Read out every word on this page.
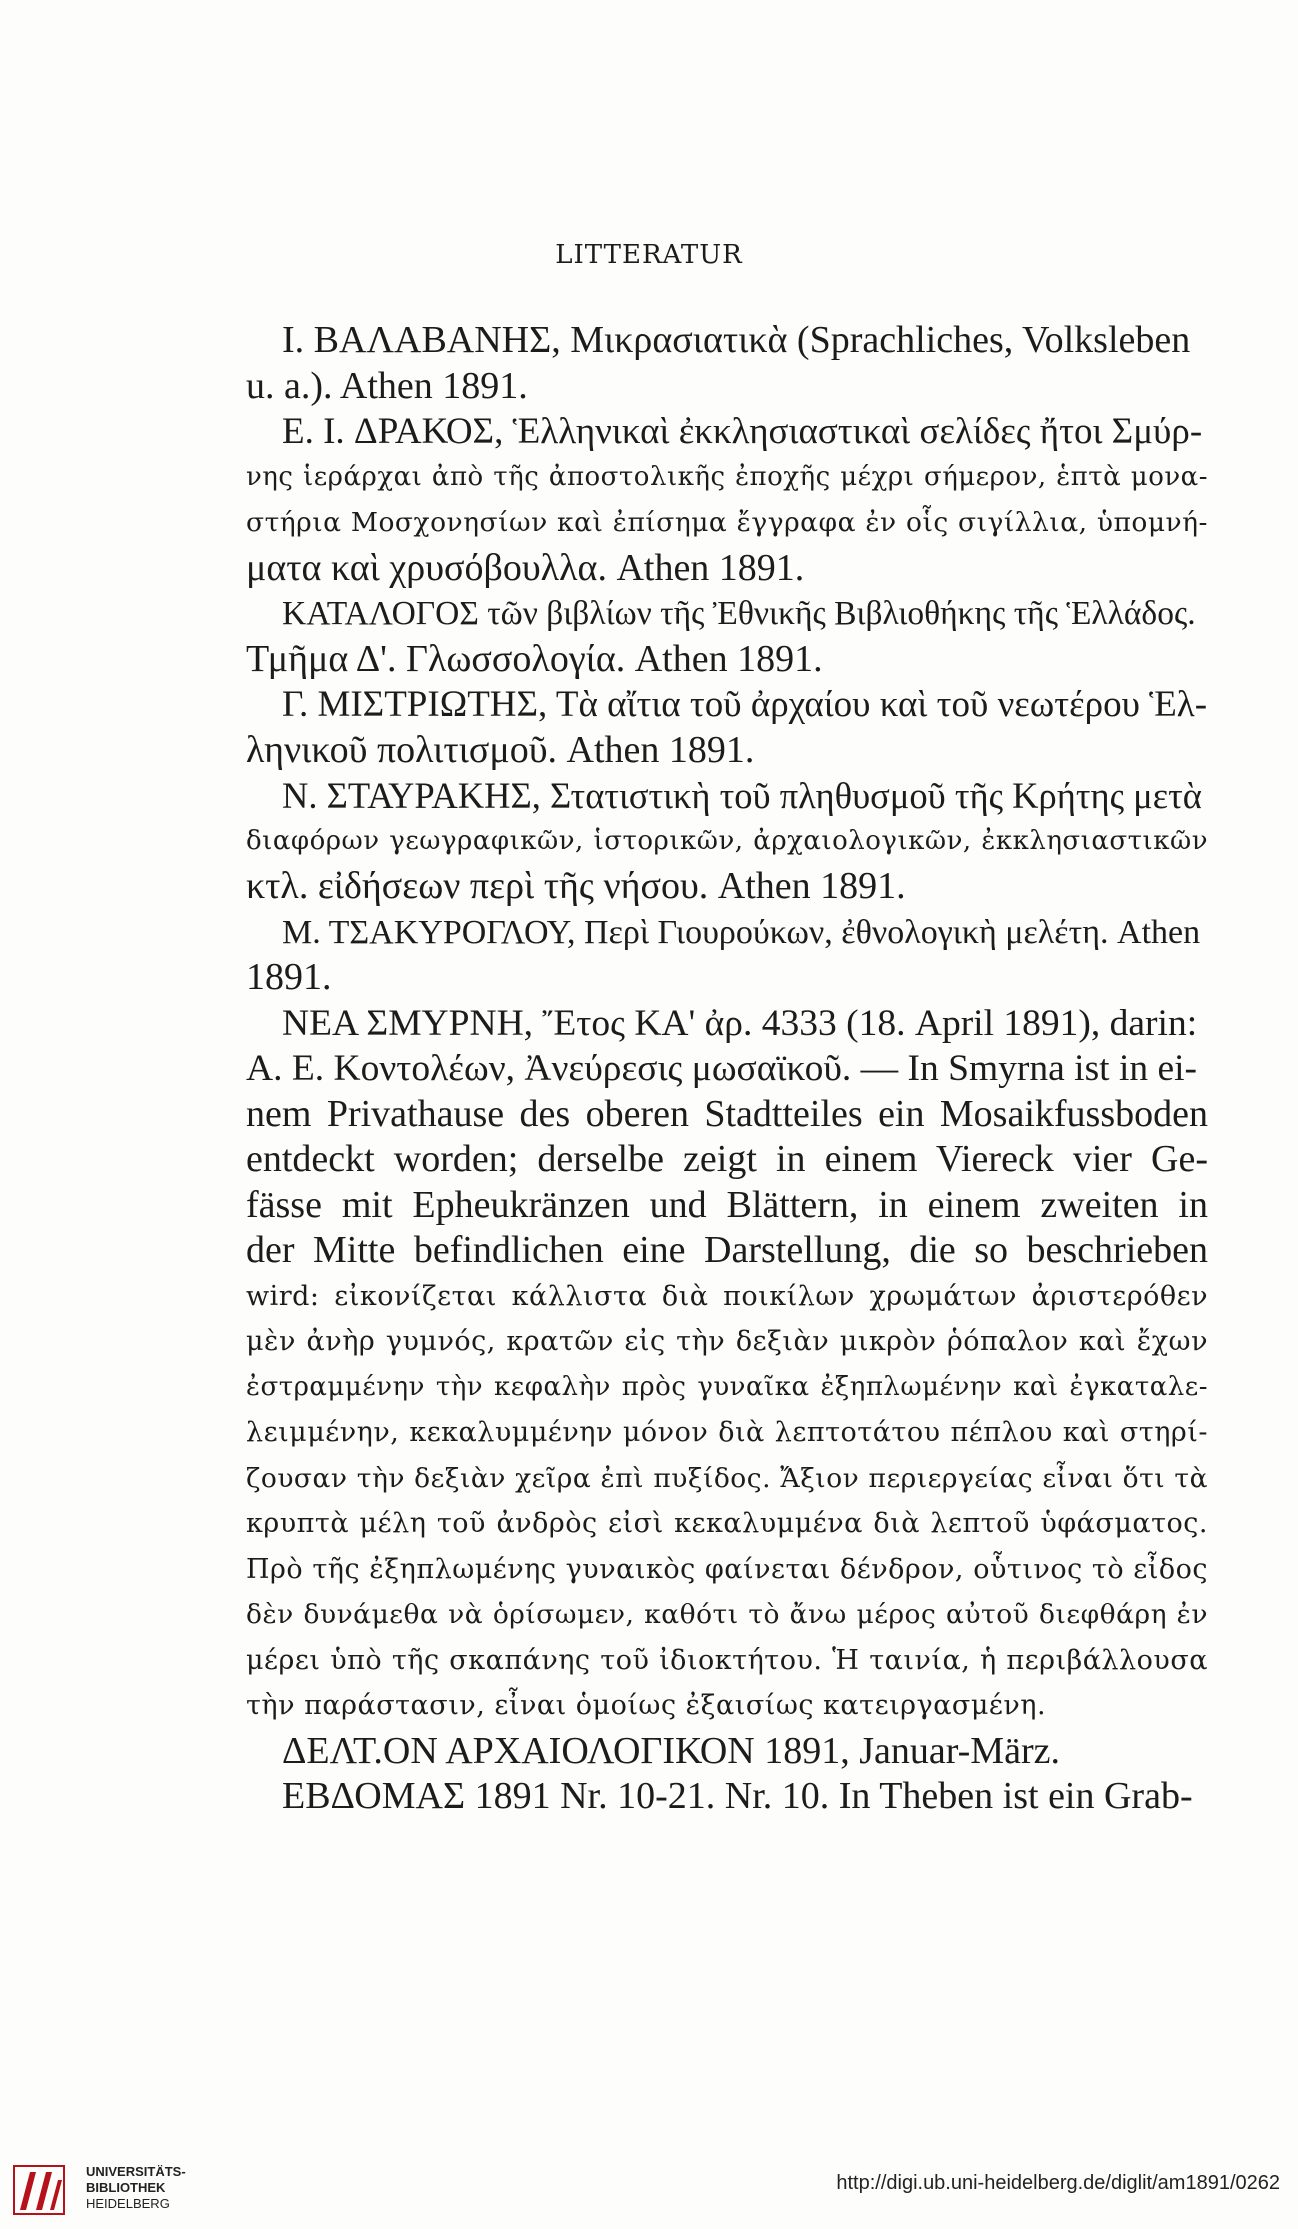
LITTERATUR
I. ΒΑΛΑΒΑΝΗΣ, Μικρασιατικὰ (Sprachliches, Volksleben
u. a.). Athen 1891.
E. I. ΔΡΑΚΟΣ, Ἑλληνικαὶ ἐκκλησιαστικαὶ σελίδες ἤτοι Σμύρ-
νης ἱεράρχαι ἀπὸ τῆς ἀποστολικῆς ἐποχῆς μέχρι σήμερον, ἑπτὰ μονα-
στήρια Μοσχονησίων καὶ ἐπίσημα ἔγγραφα ἐν οἷς σιγίλλια, ὑπομνή-
ματα καὶ χρυσόβουλλα. Athen 1891.
ΚΑΤΑΛΟΓΟΣ τῶν βιβλίων τῆς Ἐθνικῆς Βιβλιοθήκης τῆς Ἑλλάδος.
Τμῆμα Δ'. Γλωσσολογία. Athen 1891.
Γ. ΜΙΣΤΡΙΩΤΗΣ, Τὰ αἴτια τοῦ ἀρχαίου καὶ τοῦ νεωτέρου Ἑλ-
ληνικοῦ πολιτισμοῦ. Athen 1891.
Ν. ΣΤΑΥΡΑΚΗΣ, Στατιστικὴ τοῦ πληθυσμοῦ τῆς Κρήτης μετὰ
διαφόρων γεωγραφικῶν, ἱστορικῶν, ἀρχαιολογικῶν, ἐκκλησιαστικῶν
κτλ. εἰδήσεων περὶ τῆς νήσου. Athen 1891.
Μ. ΤΣΑΚΥΡΟΓΛΟΥ, Περὶ Γιουρούκων, ἐθνολογικὴ μελέτη. Athen
1891.
ΝΕΑ ΣΜΥΡΝΗ, Ἔτος ΚΑ' ἀρ. 4333 (18. April 1891), darin:
Α. Ε. Κοντολέων, Ἀνεύρεσις μωσαϊκοῦ. — In Smyrna ist in ei-
nem Privathause des oberen Stadtteiles ein Mosaikfussboden
entdeckt worden; derselbe zeigt in einem Viereck vier Ge-
fässe mit Epheukränzen und Blättern, in einem zweiten in
der Mitte befindlichen eine Darstellung, die so beschrieben
wird: εἰκονίζεται κάλλιστα διὰ ποικίλων χρωμάτων ἀριστερόθεν
μὲν ἀνὴρ γυμνός, κρατῶν εἰς τὴν δεξιὰν μικρὸν ῥόπαλον καὶ ἔχων
ἐστραμμένην τὴν κεφαλὴν πρὸς γυναῖκα ἐξηπλωμένην καὶ ἐγκαταλε-
λειμμένην, κεκαλυμμένην μόνον διὰ λεπτοτάτου πέπλου καὶ στηρί-
ζουσαν τὴν δεξιὰν χεῖρα ἐπὶ πυξίδος. Ἄξιον περιεργείας εἶναι ὅτι τὰ
κρυπτὰ μέλη τοῦ ἀνδρὸς εἰσὶ κεκαλυμμένα διὰ λεπτοῦ ὑφάσματος.
Πρὸ τῆς ἐξηπλωμένης γυναικὸς φαίνεται δένδρον, οὗτινος τὸ εἶδος
δὲν δυνάμεθα νὰ ὁρίσωμεν, καθότι τὸ ἄνω μέρος αὐτοῦ διεφθάρη ἐν
μέρει ὑπὸ τῆς σκαπάνης τοῦ ἰδιοκτήτου. Ἡ ταινία, ἡ περιβάλλουσα
τὴν παράστασιν, εἶναι ὁμοίως ἐξαισίως κατειργασμένη.
ΔΕΛΤ.ΟΝ ΑΡΧΑΙΟΛΟΓΙΚΟΝ 1891, Januar-März.
ΕΒΔΟΜΑΣ 1891 Nr. 10-21. Nr. 10. In Theben ist ein Grab-
UNIVERSITÄTS-
BIBLIOTHEK
HEIDELBERG
http://digi.ub.uni-heidelberg.de/diglit/am1891/0262
